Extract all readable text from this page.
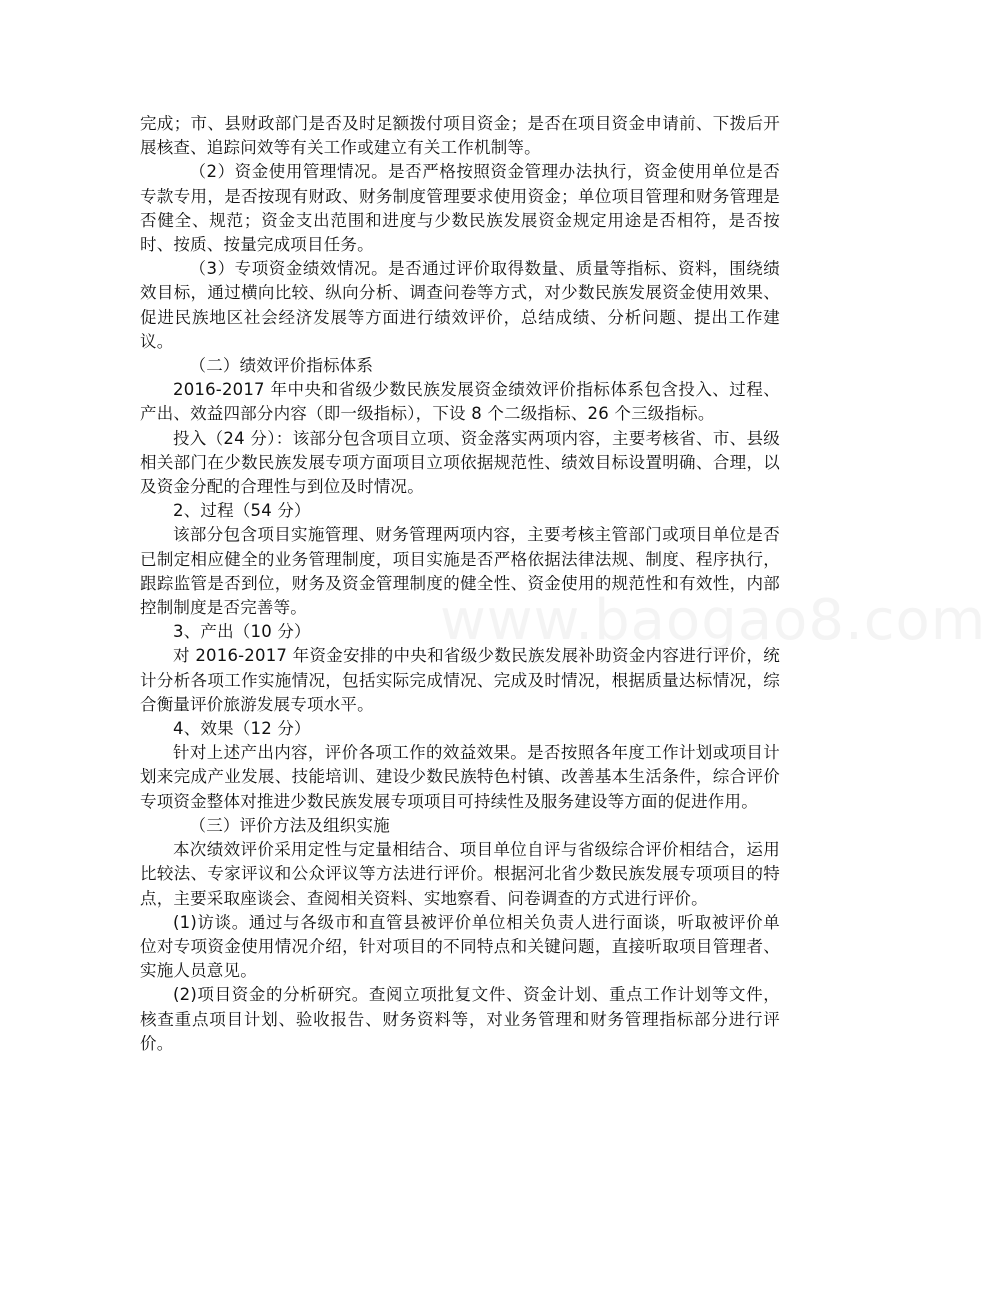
www.baogao8.com

完成；市、县财政部门是否及时足额拨付项目资金；是否在项目资金申请前、下拨后开展核查、追踪问效等有关工作或建立有关工作机制等。

（2）资金使用管理情况。是否严格按照资金管理办法执行，资金使用单位是否专款专用，是否按现有财政、财务制度管理要求使用资金；单位项目管理和财务管理是否健全、规范；资金支出范围和进度与少数民族发展资金规定用途是否相符，是否按时、按质、按量完成项目任务。

（3）专项资金绩效情况。是否通过评价取得数量、质量等指标、资料，围绕绩效目标，通过横向比较、纵向分析、调查问卷等方式，对少数民族发展资金使用效果、促进民族地区社会经济发展等方面进行绩效评价，总结成绩、分析问题、提出工作建议。

（二）绩效评价指标体系

2016-2017 年中央和省级少数民族发展资金绩效评价指标体系包含投入、过程、产出、效益四部分内容（即一级指标），下设 8 个二级指标、26 个三级指标。

投入（24 分）：该部分包含项目立项、资金落实两项内容，主要考核省、市、县级相关部门在少数民族发展专项方面项目立项依据规范性、绩效目标设置明确、合理，以及资金分配的合理性与到位及时情况。

2、过程（54 分）

该部分包含项目实施管理、财务管理两项内容，主要考核主管部门或项目单位是否已制定相应健全的业务管理制度，项目实施是否严格依据法律法规、制度、程序执行，跟踪监管是否到位，财务及资金管理制度的健全性、资金使用的规范性和有效性，内部控制制度是否完善等。

3、产出（10 分）

对 2016-2017 年资金安排的中央和省级少数民族发展补助资金内容进行评价，统计分析各项工作实施情况，包括实际完成情况、完成及时情况，根据质量达标情况，综合衡量评价旅游发展专项水平。

4、效果（12 分）

针对上述产出内容，评价各项工作的效益效果。是否按照各年度工作计划或项目计划来完成产业发展、技能培训、建设少数民族特色村镇、改善基本生活条件，综合评价专项资金整体对推进少数民族发展专项项目可持续性及服务建设等方面的促进作用。

（三）评价方法及组织实施

本次绩效评价采用定性与定量相结合、项目单位自评与省级综合评价相结合，运用比较法、专家评议和公众评议等方法进行评价。根据河北省少数民族发展专项项目的特点，主要采取座谈会、查阅相关资料、实地察看、问卷调查的方式进行评价。

(1)访谈。通过与各级市和直管县被评价单位相关负责人进行面谈，听取被评价单位对专项资金使用情况介绍，针对项目的不同特点和关键问题，直接听取项目管理者、实施人员意见。

(2)项目资金的分析研究。查阅立项批复文件、资金计划、重点工作计划等文件，核查重点项目计划、验收报告、财务资料等，对业务管理和财务管理指标部分进行评价。
